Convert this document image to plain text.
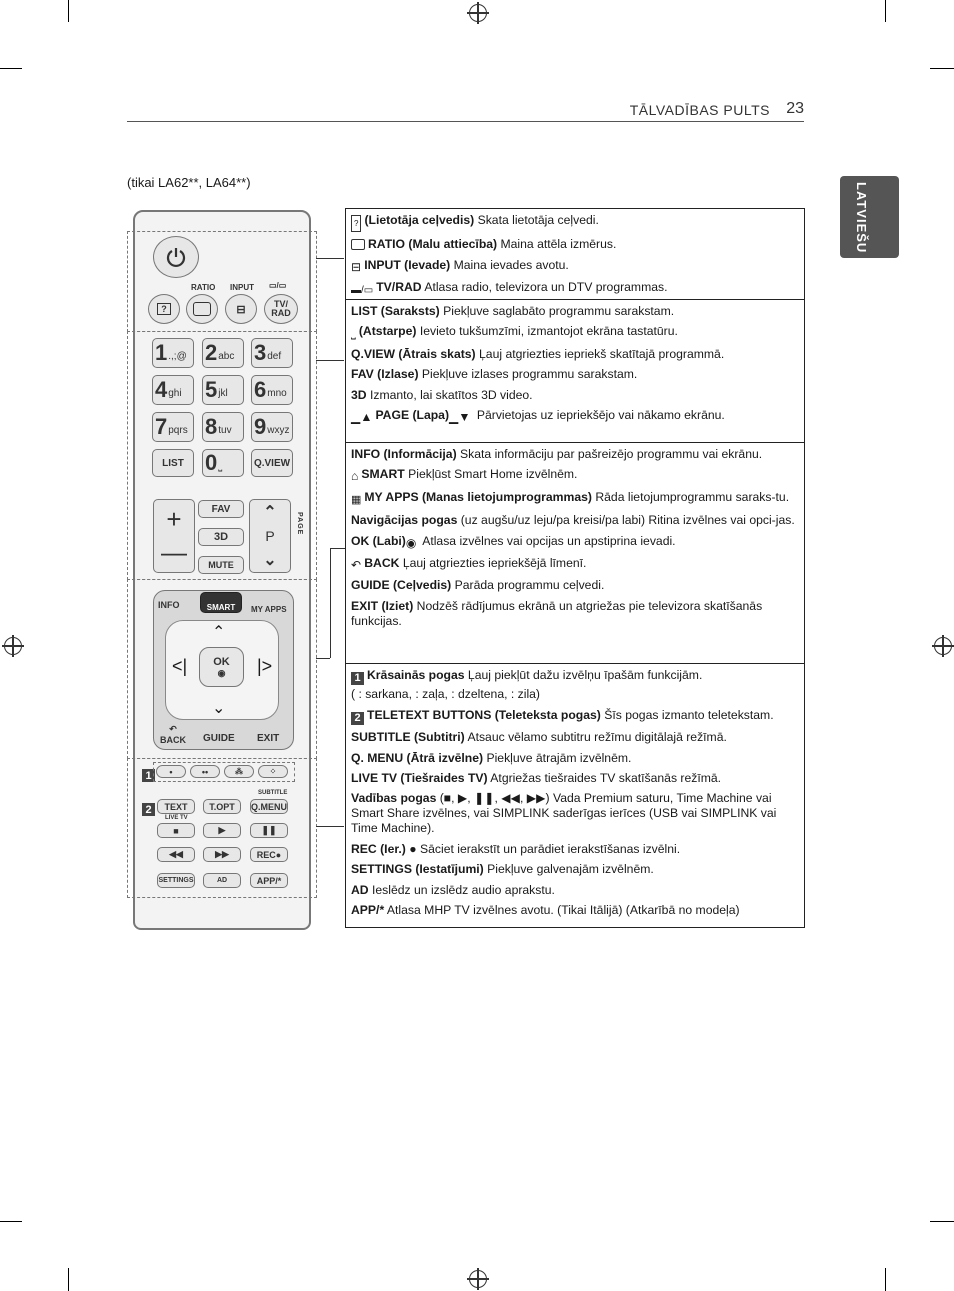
TĀLVADĪBAS PULTS 23
LATVIEŠU
(tikai LA62**, LA64**)
RATIO INPUT ▭/▭
?	⊟	TV/
RAD
1 .,;@ 2 abc 3 def
4 ghi 5 jkl 6 mno
7 pqrs 8 tuv 9 wxyz
LIST 0 ⎵	Q.VIEW
+
—
FAV
3D
MUTE
⌃
P
⌄
PAGE
INFO	SMART MY APPS
⌃
⌄
<|	|>
OK
◉
↶
BACK GUIDE EXIT
1	•	••	⁂	⁘
2
SUBTITLE
TEXT	T.OPT	Q.MENU
LIVE TV
■	▶	❚❚
◀◀	▶▶	REC ●
SETTINGS	AD	APP/*
? (Lietotāja ceļvedis) Skata lietotāja ceļvedi.
RATIO (Malu attiecība) Maina attēla izmērus.
⊟ INPUT (Ievade) Maina ievades avotu.
▬/▭ TV/RAD Atlasa radio, televizora un DTV programmas.
LIST (Saraksts) Piekļuve saglabāto programmu sarakstam.
⎵ (Atstarpe) Ievieto tukšumzīmi, izmantojot ekrāna tastatūru.
Q.VIEW (Ātrais skats) Ļauj atgriezties iepriekš skatītajā programmā.
FAV (Izlase) Piekļuve izlases programmu sarakstam.
3D Izmanto, lai skatītos 3D video.
▁▲ PAGE (Lapa)▁▼ Pārvietojas uz iepriekšējo vai nākamo ekrānu.
INFO (Informācija) Skata informāciju par pašreizējo programmu vai ekrānu.
⌂ SMART Piekļūst Smart Home izvēlnēm.
▦ MY APPS (Manas lietojumprogrammas) Rāda lietojumprogrammu saraks-tu.
Navigācijas pogas (uz augšu/uz leju/pa kreisi/pa labi) Ritina izvēlnes vai opci-jas.
OK (Labi)◉ Atlasa izvēlnes vai opcijas un apstiprina ievadi.
↶ BACK Ļauj atgriezties iepriekšējā līmenī.
GUIDE (Ceļvedis) Parāda programmu ceļvedi.
EXIT (Iziet) Nodzēš rādījumus ekrānā un atgriežas pie televizora skatīšanās funkcijas.
1 Krāsainās pogas Ļauj piekļūt dažu izvēlņu īpašām funkcijām.
( : sarkana, : zaļa, : dzeltena, : zila)
2 TELETEXT BUTTONS (Teleteksta pogas) Šīs pogas izmanto teletekstam.
SUBTITLE (Subtitri) Atsauc vēlamo subtitru režīmu digitālajā režīmā.
Q. MENU (Ātrā izvēlne) Piekļuve ātrajām izvēlnēm.
LIVE TV (Tiešraides TV) Atgriežas tiešraides TV skatīšanās režīmā.
Vadības pogas (■, ▶, ❚❚, ◀◀, ▶▶) Vada Premium saturu, Time Machine vai Smart Share izvēlnes, vai SIMPLINK saderīgas ierīces (USB vai SIMPLINK vai Time Machine).
REC (Ier.) ● Sāciet ierakstīt un parādiet ierakstīšanas izvēlni.
SETTINGS (Iestatījumi) Piekļuve galvenajām izvēlnēm.
AD Ieslēdz un izslēdz audio aprakstu.
APP/* Atlasa MHP TV izvēlnes avotu. (Tikai Itālijā) (Atkarībā no modeļa)
